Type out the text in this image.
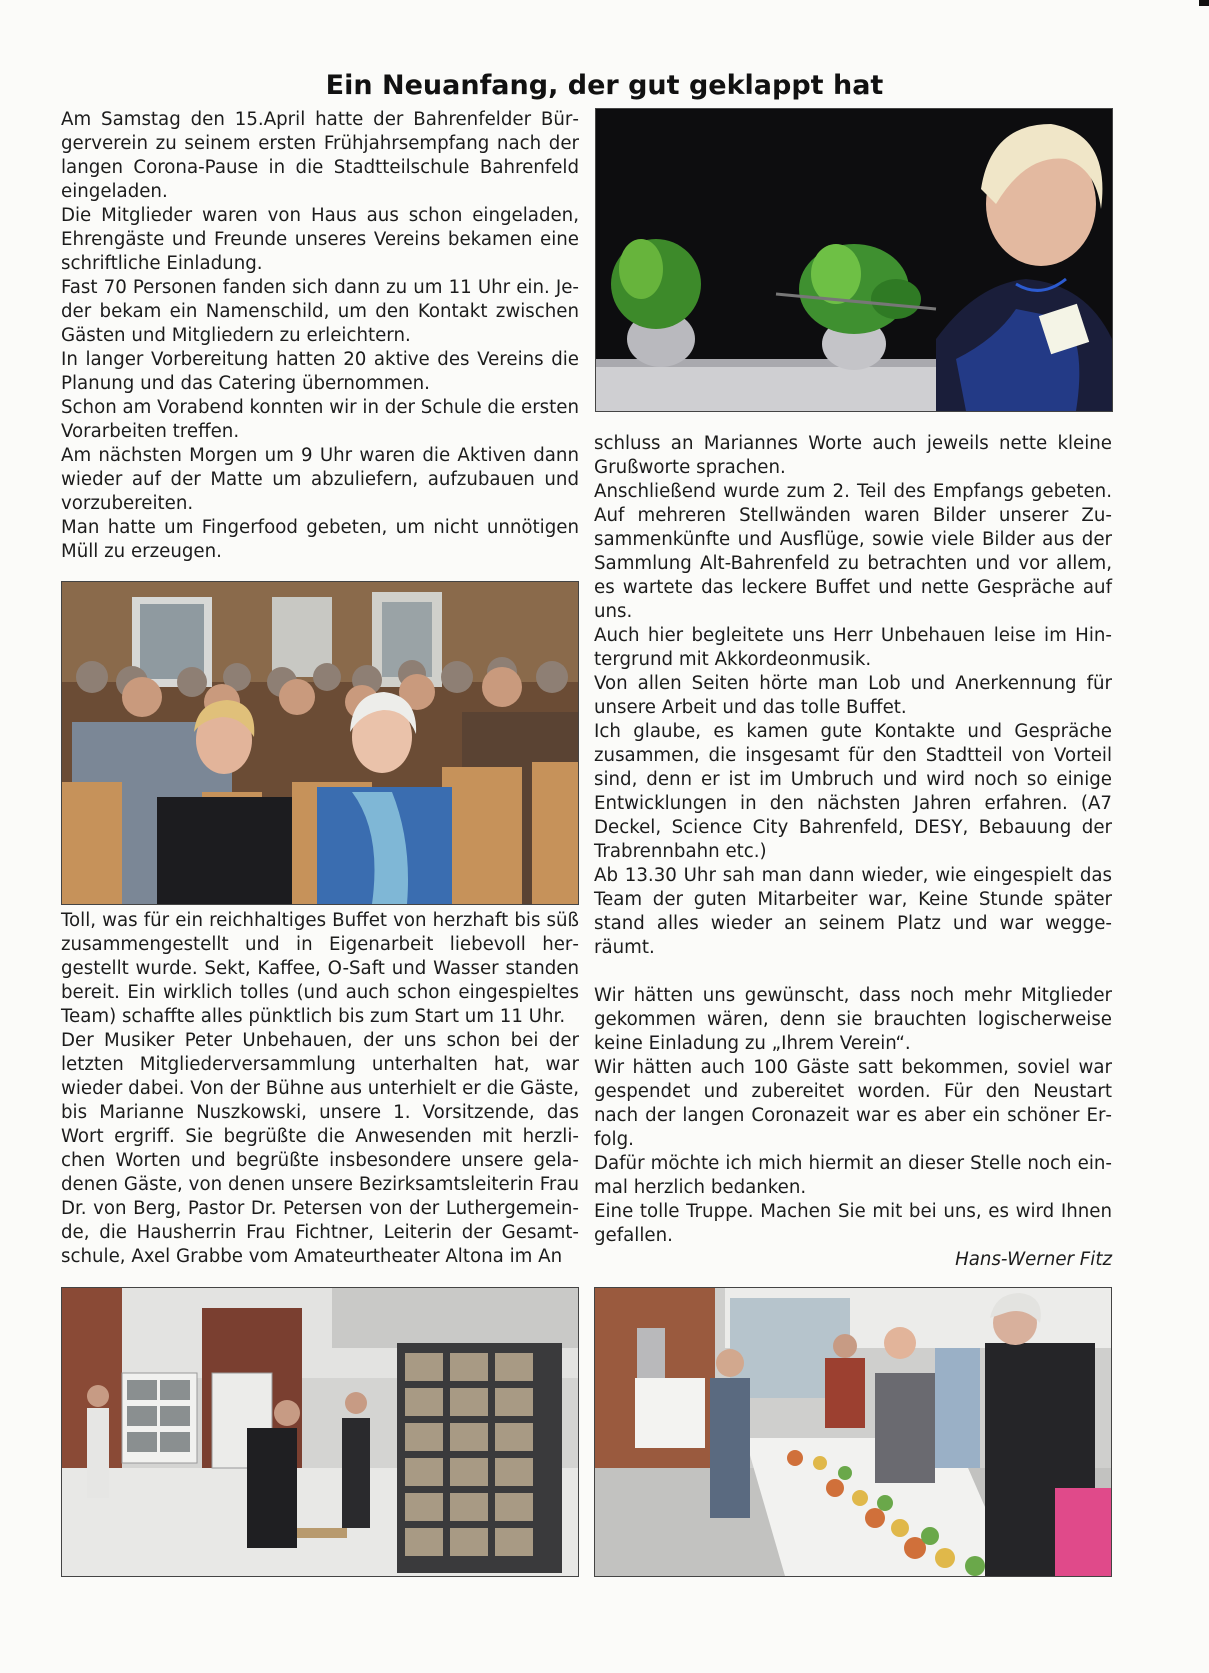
Ein Neuanfang, der gut geklappt hat

Am Samstag den 15.April hatte der Bahrenfelder Bürgerverein zu seinem ersten Frühjahrsempfang nach der langen Corona-Pause in die Stadtteilschule Bahrenfeld eingeladen.

Die Mitglieder waren von Haus aus schon eingeladen, Ehrengäste und Freunde unseres Vereins bekamen eine schriftliche Einladung.

Fast 70 Personen fanden sich dann zu um 11 Uhr ein. Jeder bekam ein Namenschild, um den Kontakt zwischen Gästen und Mitgliedern zu erleichtern.

In langer Vorbereitung hatten 20 aktive des Vereins die Planung und das Catering übernommen.

Schon am Vorabend konnten wir in der Schule die ersten Vorarbeiten treffen.

Am nächsten Morgen um 9 Uhr waren die Aktiven dann wieder auf der Matte um abzuliefern, aufzubauen und vorzubereiten.

Man hatte um Fingerfood gebeten, um nicht unnötigen Müll zu erzeugen.

Toll, was für ein reichhaltiges Buffet von herzhaft bis süß zusammengestellt und in Eigenarbeit liebevoll hergestellt wurde. Sekt, Kaffee, O-Saft und Wasser standen bereit. Ein wirklich tolles (und auch schon eingespieltes Team) schaffte alles pünktlich bis zum Start um 11 Uhr.

Der Musiker Peter Unbehauen, der uns schon bei der letzten Mitgliederversammlung unterhalten hat, war wieder dabei. Von der Bühne aus unterhielt er die Gäste, bis Marianne Nuszkowski, unsere 1. Vorsitzende, das Wort ergriff. Sie begrüßte die Anwesenden mit herzlichen Worten und begrüßte insbesondere unsere geladenen Gäste, von denen unsere Bezirksamtsleiterin Frau Dr. von Berg, Pastor Dr. Petersen von der Luthergemeinde, die Hausherrin Frau Fichtner, Leiterin der Gesamtschule, Axel Grabbe vom Amateurtheater Altona im An

schluss an Mariannes Worte auch jeweils nette kleine Grußworte sprachen.

Anschließend wurde zum 2. Teil des Empfangs gebeten. Auf mehreren Stellwänden waren Bilder unserer Zusammenkünfte und Ausflüge, sowie viele Bilder aus der Sammlung Alt-Bahrenfeld zu betrachten und vor allem, es wartete das leckere Buffet und nette Gespräche auf uns.

Auch hier begleitete uns Herr Unbehauen leise im Hintergrund mit Akkordeonmusik.

Von allen Seiten hörte man Lob und Anerkennung für unsere Arbeit und das tolle Buffet.

Ich glaube, es kamen gute Kontakte und Gespräche zusammen, die insgesamt für den Stadtteil von Vorteil sind, denn er ist im Umbruch und wird noch so einige Entwicklungen in den nächsten Jahren erfahren. (A7 Deckel, Science City Bahrenfeld, DESY, Bebauung der Trabrennbahn etc.)

Ab 13.30 Uhr sah man dann wieder, wie eingespielt das Team der guten Mitarbeiter war, Keine Stunde später stand alles wieder an seinem Platz und war weggeräumt.

Wir hätten uns gewünscht, dass noch mehr Mitglieder gekommen wären, denn sie brauchten logischerweise keine Einladung zu „Ihrem Verein“.

Wir hätten auch 100 Gäste satt bekommen, soviel war gespendet und zubereitet worden. Für den Neustart nach der langen Coronazeit war es aber ein schöner Erfolg.

Dafür möchte ich mich hiermit an dieser Stelle noch einmal herzlich bedanken.

Eine tolle Truppe. Machen Sie mit bei uns, es wird Ihnen gefallen.

Hans-Werner Fitz
